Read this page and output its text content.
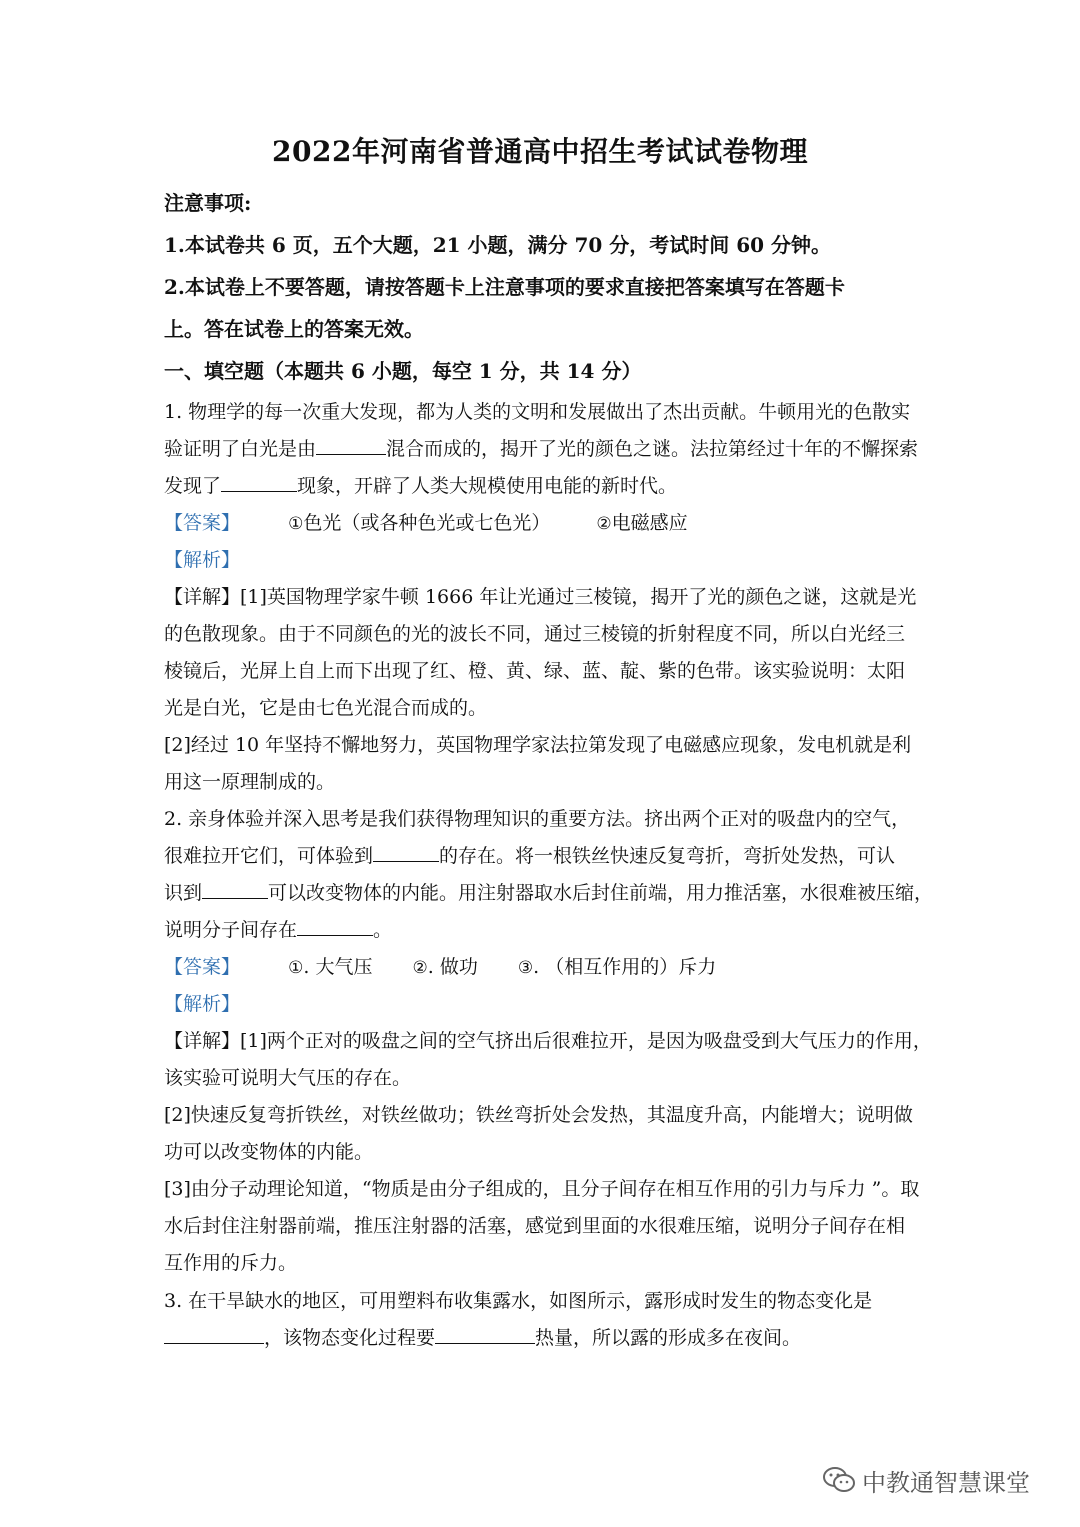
2022年河南省普通高中招生考试试卷物理
注意事项:
1.本试卷共 6 页，五个大题，21 小题，满分 70 分，考试时间 60 分钟。
2.本试卷上不要答题，请按答题卡上注意事项的要求直接把答案填写在答题卡
上。答在试卷上的答案无效。
一、填空题（本题共 6 小题，每空 1 分，共 14 分）
1. 物理学的每一次重大发现，都为人类的文明和发展做出了杰出贡献。牛顿用光的色散实
验证明了白光是由	混合而成的，揭开了光的颜色之谜。法拉第经过十年的不懈探索
发现了	现象，开辟了人类大规模使用电能的新时代。
【答案】	①色光（或各种色光或七色光）	②电磁感应
【解析】
【详解】[1]英国物理学家牛顿 1666 年让光通过三棱镜，揭开了光的颜色之谜，这就是光
的色散现象。由于不同颜色的光的波长不同，通过三棱镜的折射程度不同，所以白光经三
棱镜后，光屏上自上而下出现了红、橙、黄、绿、蓝、靛、紫的色带。该实验说明：太阳
光是白光，它是由七色光混合而成的。
[2]经过 10 年坚持不懈地努力，英国物理学家法拉第发现了电磁感应现象，发电机就是利
用这一原理制成的。
2. 亲身体验并深入思考是我们获得物理知识的重要方法。挤出两个正对的吸盘内的空气，
很难拉开它们，可体验到	的存在。将一根铁丝快速反复弯折，弯折处发热，可认
识到	可以改变物体的内能。用注射器取水后封住前端，用力推活塞，水很难被压缩，
说明分子间存在	。
【答案】	①. 大气压 ②. 做功 ③. （相互作用的）斥力
【解析】
【详解】[1]两个正对的吸盘之间的空气挤出后很难拉开，是因为吸盘受到大气压力的作用，
该实验可说明大气压的存在。
[2]快速反复弯折铁丝，对铁丝做功；铁丝弯折处会发热，其温度升高，内能增大；说明做
功可以改变物体的内能。
[3]由分子动理论知道，“物质是由分子组成的，且分子间存在相互作用的引力与斥力 ”。取
水后封住注射器前端，推压注射器的活塞，感觉到里面的水很难压缩，说明分子间存在相
互作用的斥力。
3. 在干旱缺水的地区，可用塑料布收集露水，如图所示，露形成时发生的物态变化是
，该物态变化过程要	热量，所以露的形成多在夜间。
中教通智慧课堂
